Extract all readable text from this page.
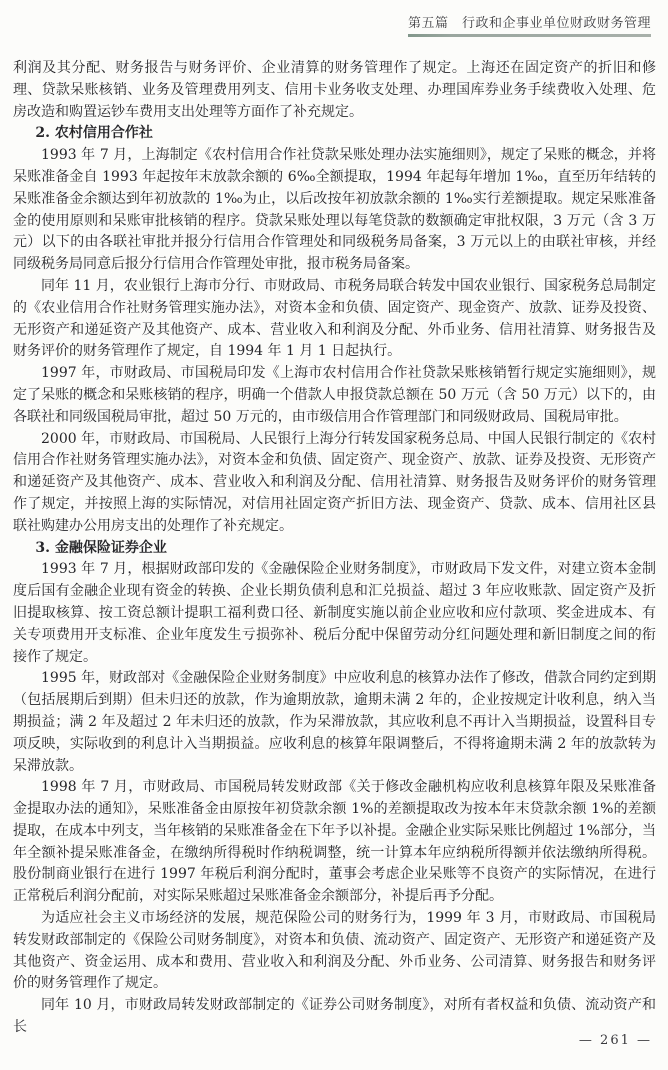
第五篇　行政和企事业单位财政财务管理

利润及其分配、财务报告与财务评价、企业清算的财务管理作了规定。上海还在固定资产的折旧和修理、贷款呆账核销、业务及管理费用列支、信用卡业务收支处理、办理国库券业务手续费收入处理、危房改造和购置运钞车费用支出处理等方面作了补充规定。

2. 农村信用合作社

1993 年 7 月，上海制定《农村信用合作社贷款呆账处理办法实施细则》，规定了呆账的概念，并将呆账准备金自 1993 年起按年末放款余额的 6‰全额提取，1994 年起每年增加 1‰，直至历年结转的呆账准备金余额达到年初放款的 1‰为止，以后改按年初放款余额的 1‰实行差额提取。规定呆账准备金的使用原则和呆账审批核销的程序。贷款呆账处理以每笔贷款的数额确定审批权限，3 万元（含 3 万元）以下的由各联社审批并报分行信用合作管理处和同级税务局备案，3 万元以上的由联社审核，并经同级税务局同意后报分行信用合作管理处审批，报市税务局备案。

同年 11 月，农业银行上海市分行、市财政局、市税务局联合转发中国农业银行、国家税务总局制定的《农业信用合作社财务管理实施办法》，对资本金和负债、固定资产、现金资产、放款、证券及投资、无形资产和递延资产及其他资产、成本、营业收入和利润及分配、外币业务、信用社清算、财务报告及财务评价的财务管理作了规定，自 1994 年 1 月 1 日起执行。

1997 年，市财政局、市国税局印发《上海市农村信用合作社贷款呆账核销暂行规定实施细则》，规定了呆账的概念和呆账核销的程序，明确一个借款人申报贷款总额在 50 万元（含 50 万元）以下的，由各联社和同级国税局审批，超过 50 万元的，由市级信用合作管理部门和同级财政局、国税局审批。

2000 年，市财政局、市国税局、人民银行上海分行转发国家税务总局、中国人民银行制定的《农村信用合作社财务管理实施办法》，对资本金和负债、固定资产、现金资产、放款、证券及投资、无形资产和递延资产及其他资产、成本、营业收入和利润及分配、信用社清算、财务报告及财务评价的财务管理作了规定，并按照上海的实际情况，对信用社固定资产折旧方法、现金资产、贷款、成本、信用社区县联社购建办公用房支出的处理作了补充规定。

3. 金融保险证券企业

1993 年 7 月，根据财政部印发的《金融保险企业财务制度》，市财政局下发文件，对建立资本金制度后国有金融企业现有资金的转换、企业长期负债利息和汇兑损益、超过 3 年应收账款、固定资产及折旧提取核算、按工资总额计提职工福利费口径、新制度实施以前企业应收和应付款项、奖金进成本、有关专项费用开支标准、企业年度发生亏损弥补、税后分配中保留劳动分红问题处理和新旧制度之间的衔接作了规定。

1995 年，财政部对《金融保险企业财务制度》中应收利息的核算办法作了修改，借款合同约定到期（包括展期后到期）但未归还的放款，作为逾期放款，逾期未满 2 年的，企业按规定计收利息，纳入当期损益；满 2 年及超过 2 年未归还的放款，作为呆滞放款，其应收利息不再计入当期损益，设置科目专项反映，实际收到的利息计入当期损益。应收利息的核算年限调整后，不得将逾期未满 2 年的放款转为呆滞放款。

1998 年 7 月，市财政局、市国税局转发财政部《关于修改金融机构应收利息核算年限及呆账准备金提取办法的通知》，呆账准备金由原按年初贷款余额 1%的差额提取改为按本年末贷款余额 1%的差额提取，在成本中列支，当年核销的呆账准备金在下年予以补提。金融企业实际呆账比例超过 1%部分，当年全额补提呆账准备金，在缴纳所得税时作纳税调整，统一计算本年应纳税所得额并依法缴纳所得税。股份制商业银行在进行 1997 年税后利润分配时，董事会考虑企业呆账等不良资产的实际情况，在进行正常税后利润分配前，对实际呆账超过呆账准备金余额部分，补提后再予分配。

为适应社会主义市场经济的发展，规范保险公司的财务行为，1999 年 3 月，市财政局、市国税局转发财政部制定的《保险公司财务制度》，对资本和负债、流动资产、固定资产、无形资产和递延资产及其他资产、资金运用、成本和费用、营业收入和利润及分配、外币业务、公司清算、财务报告和财务评价的财务管理作了规定。

同年 10 月，市财政局转发财政部制定的《证券公司财务制度》，对所有者权益和负债、流动资产和长

— 261 —
